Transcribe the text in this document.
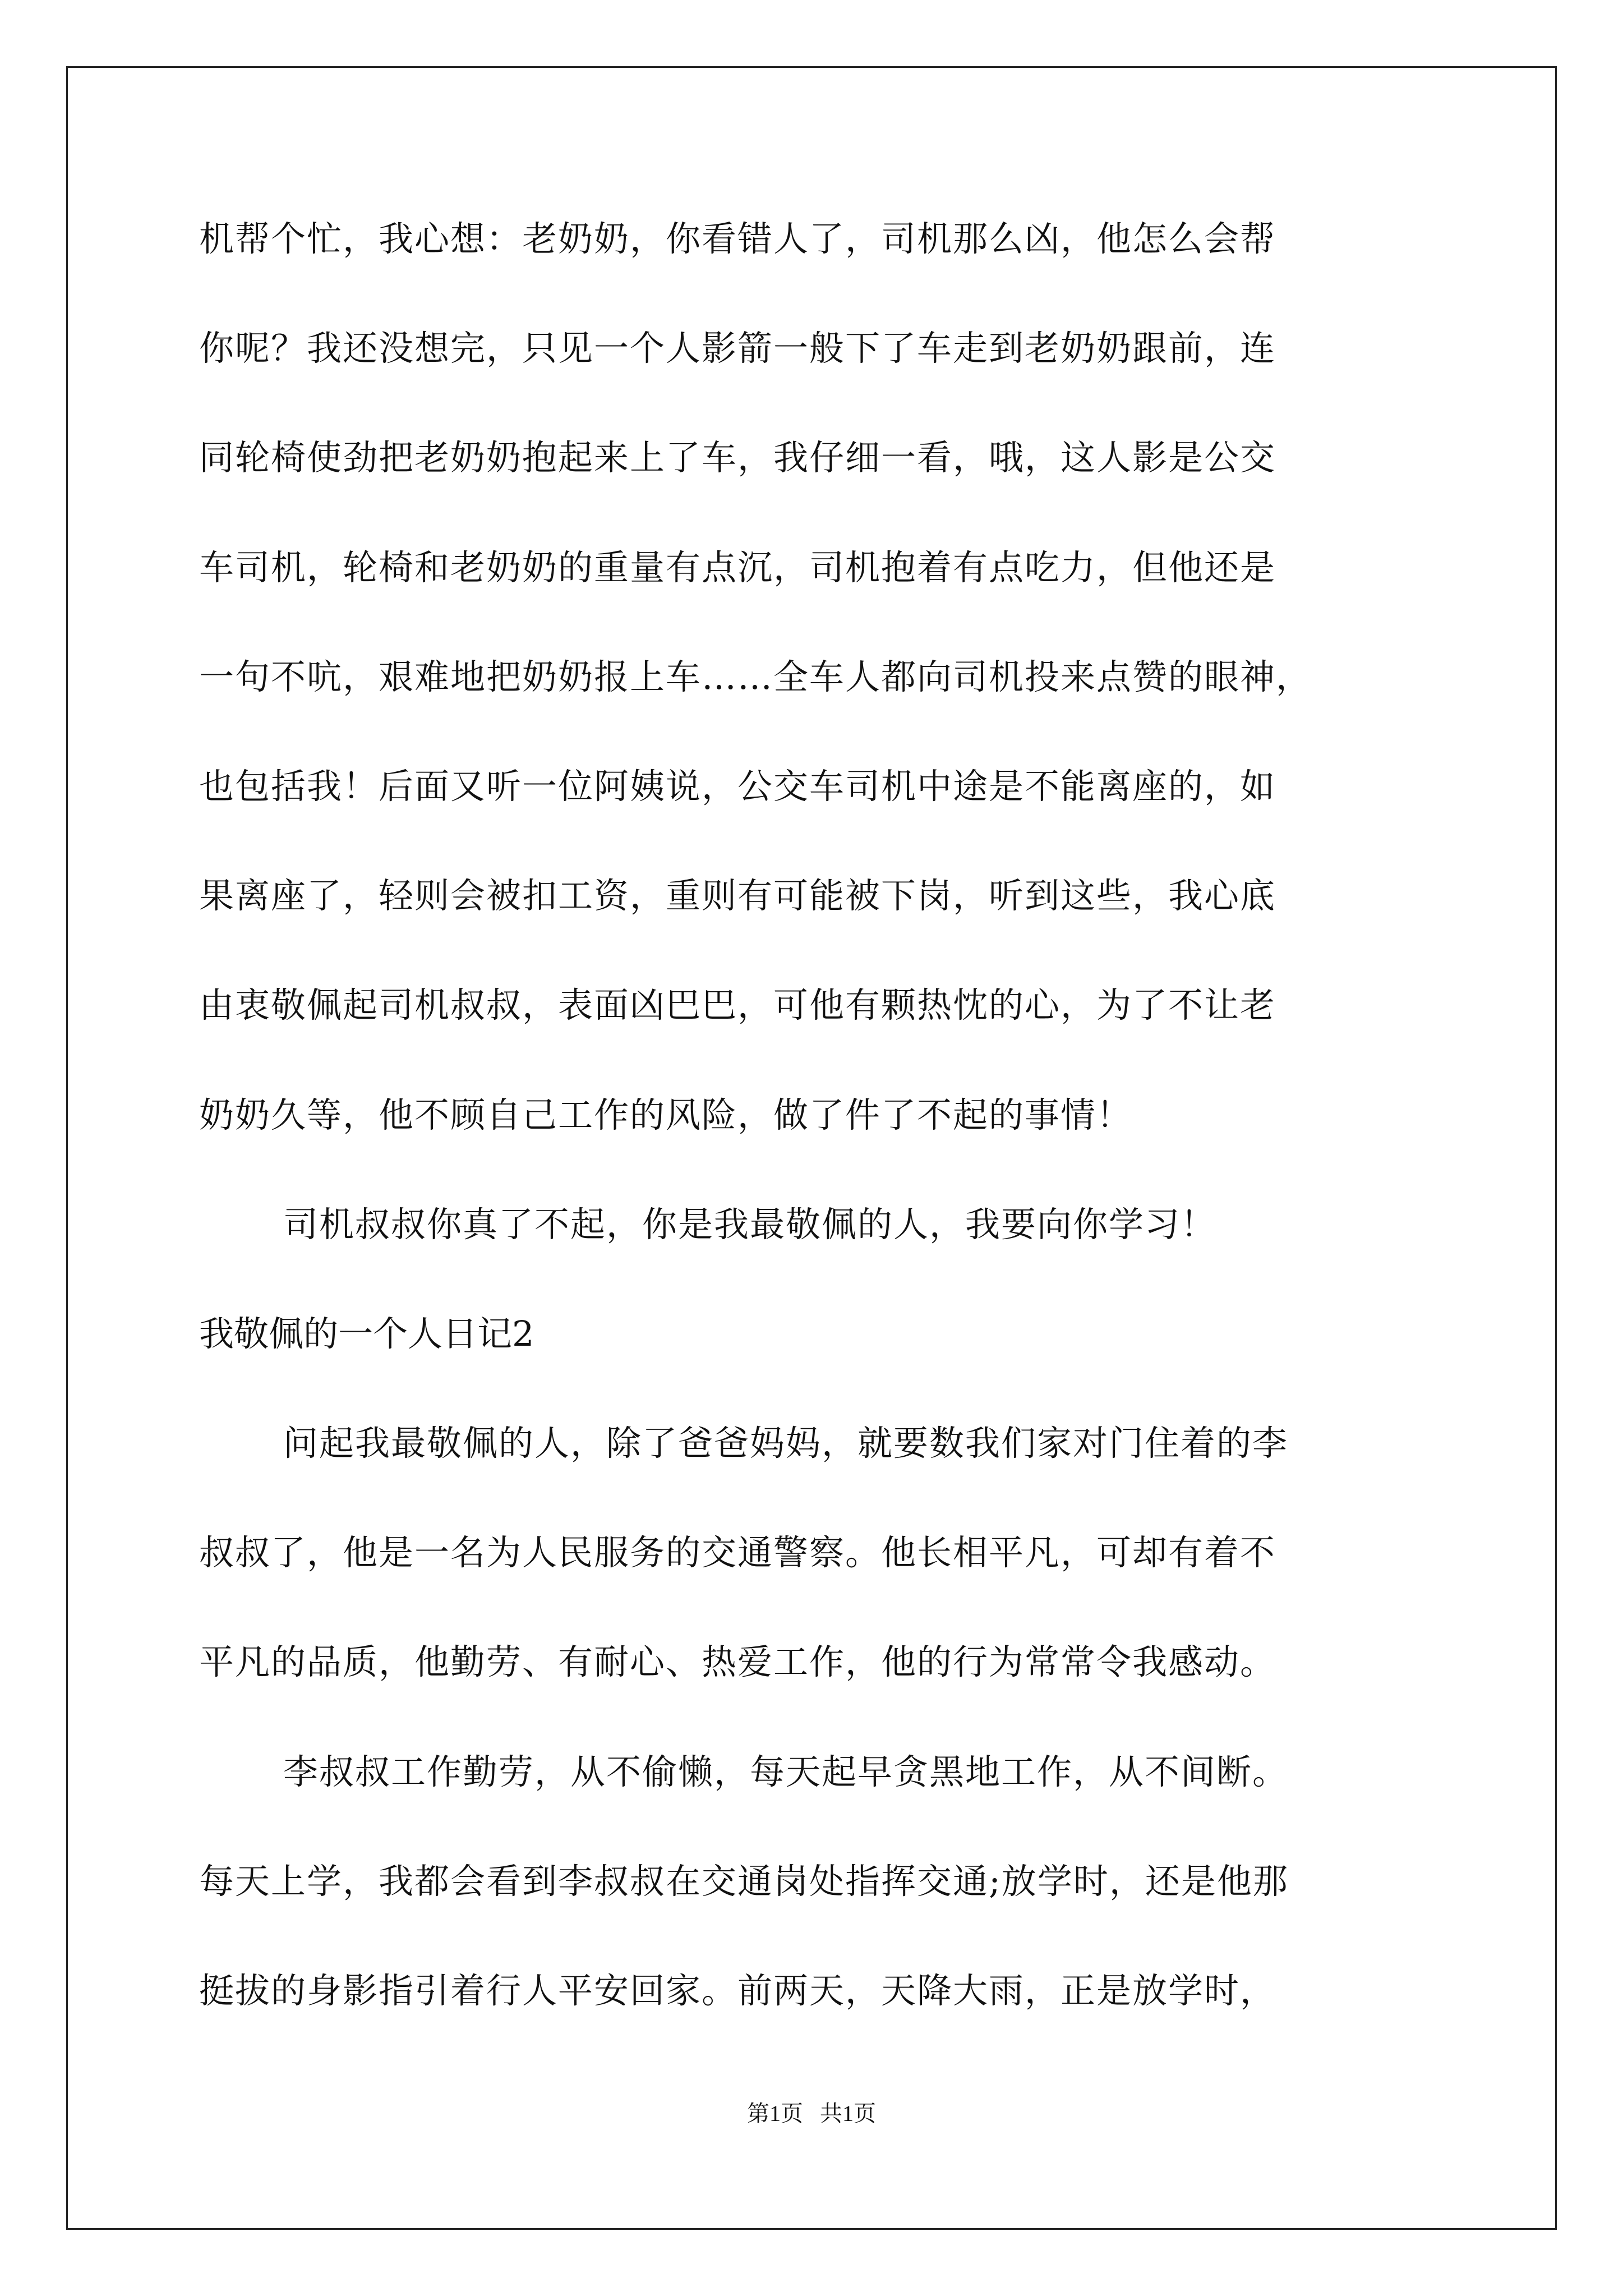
机帮个忙，我心想：老奶奶，你看错人了，司机那么凶，他怎么会帮
你呢？我还没想完，只见一个人影箭一般下了车走到老奶奶跟前，连
同轮椅使劲把老奶奶抱起来上了车，我仔细一看，哦，这人影是公交
车司机，轮椅和老奶奶的重量有点沉，司机抱着有点吃力，但他还是
一句不吭，艰难地把奶奶报上车……全车人都向司机投来点赞的眼神，
也包括我！后面又听一位阿姨说，公交车司机中途是不能离座的，如
果离座了，轻则会被扣工资，重则有可能被下岗，听到这些，我心底
由衷敬佩起司机叔叔，表面凶巴巴，可他有颗热忱的心，为了不让老
奶奶久等，他不顾自己工作的风险，做了件了不起的事情！
司机叔叔你真了不起，你是我最敬佩的人，我要向你学习！
我敬佩的一个人日记2
问起我最敬佩的人，除了爸爸妈妈，就要数我们家对门住着的李
叔叔了，他是一名为人民服务的交通警察。他长相平凡，可却有着不
平凡的品质，他勤劳、有耐心、热爱工作，他的行为常常令我感动。
李叔叔工作勤劳，从不偷懒，每天起早贪黑地工作，从不间断。
每天上学，我都会看到李叔叔在交通岗处指挥交通;放学时，还是他那
挺拔的身影指引着行人平安回家。前两天，天降大雨，正是放学时，
第1页   共1页
